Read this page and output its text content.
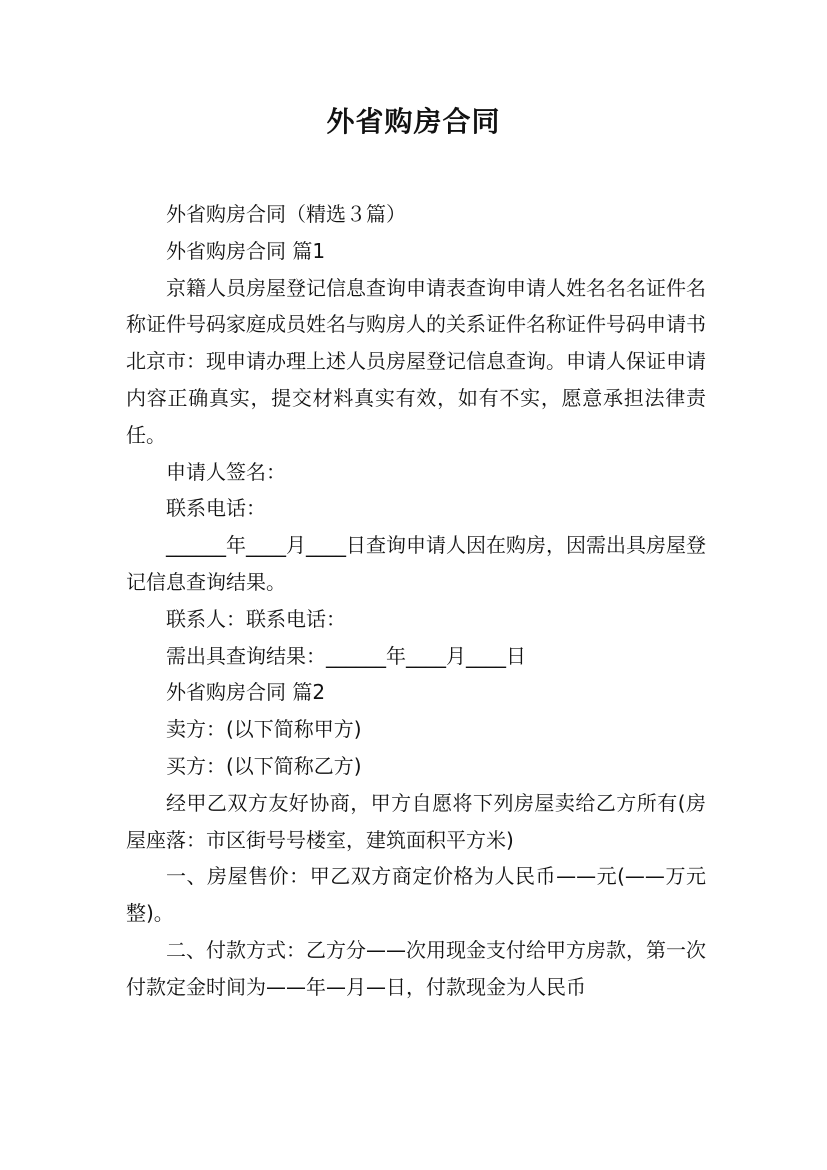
外省购房合同

外省购房合同（精选３篇）

外省购房合同 篇1

京籍人员房屋登记信息查询申请表查询申请人姓名名名证件名称证件号码家庭成员姓名与购房人的关系证件名称证件号码申请书北京市：现申请办理上述人员房屋登记信息查询。申请人保证申请内容正确真实，提交材料真实有效，如有不实，愿意承担法律责任。

申请人签名：

联系电话：

______年____月____日查询申请人因在购房，因需出具房屋登记信息查询结果。

联系人：联系电话：

需出具查询结果：______年____月____日

外省购房合同 篇2

卖方：(以下简称甲方)

买方：(以下简称乙方)

经甲乙双方友好协商，甲方自愿将下列房屋卖给乙方所有(房屋座落：市区街号号楼室，建筑面积平方米)

一、房屋售价：甲乙双方商定价格为人民币——元(——万元整)。

二、付款方式：乙方分——次用现金支付给甲方房款，第一次付款定金时间为——年—月—日，付款现金为人民币
